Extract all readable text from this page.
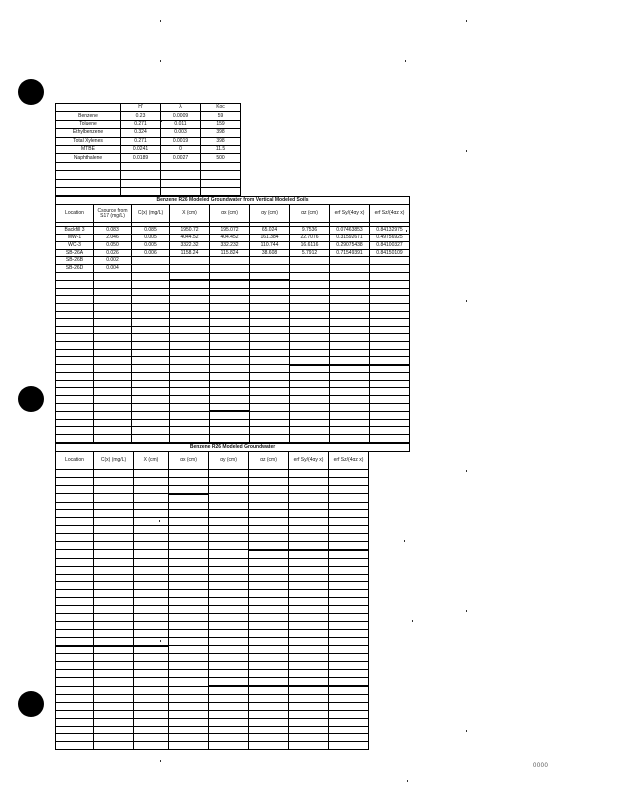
	H'	λ	Koc
Benzene	0.23	0.0009	59
Toluene	0.271	0.011	159
Ethylbenzene	0.324	0.003	398
Total Xylenes	0.271	0.0019	398
MTBE	0.0241	0	11.5
Naphthalene	0.0189	0.0027	500

Benzene R26 Modeled Groundwater from Vertical Modeled Soils								
Location	Csource from S17 (mg/L)	C(x) (mg/L)	X (cm)	αx (cm)	αy (cm)	αz (cm)	erf Sy/(4αy x)	erf Sz/(4αz x)

Backfill 3	0.083	0.085	1950.72	195.072	65.024	9.7536	0.07463853	0.84132975
MW-1	2.046	0.005	4044.52	404.452	161.384	22.7076	0.31592671	0.49756925
WC-3	0.050	0.005	3322.32	332.232	110.744	16.6116	0.29075438	0.84100327
SB-26A	0.026	0.006	1158.24	115.824	38.608	5.7912	0.71549391	0.84150109
SB-26B	0.002							
SB-26D	0.004							

Benzene R26 Modeled Groundwater								
Location	C(x) (mg/L)	X (cm)	αx (cm)	αy (cm)	αz (cm)	erf Sy/(4αy x)	erf Sz/(4αz x)	

0000
